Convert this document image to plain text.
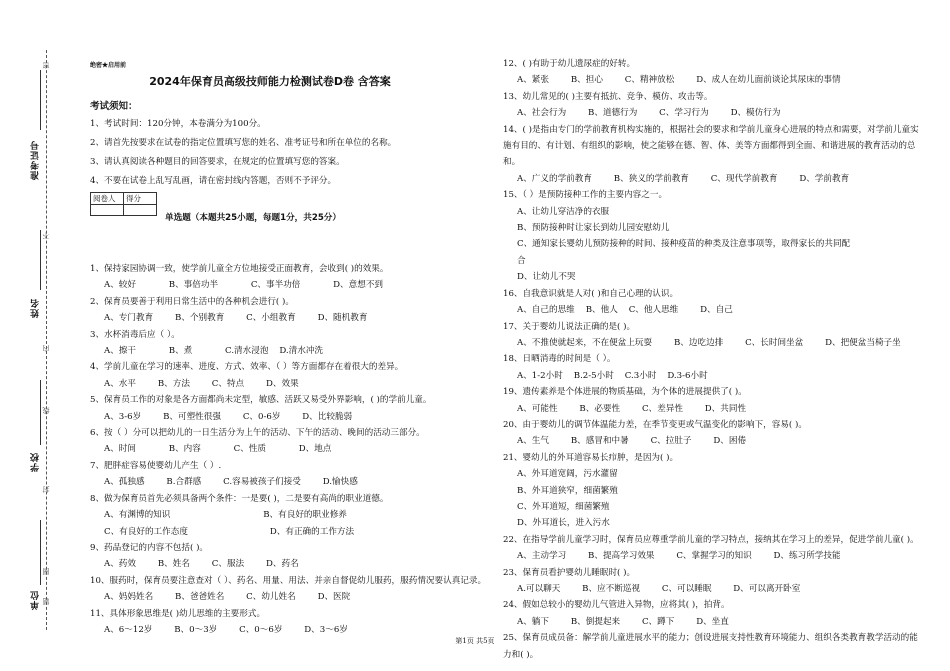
准考证号
姓名
学校
单位
密
不
内
线
封
圈
题
绝密★启用前
2024年保育员高级技师能力检测试卷D卷 含答案
考试须知：
1、考试时间：120分钟，本卷满分为100分。
2、请首先按要求在试卷的指定位置填写您的姓名、准考证号和所在单位的名称。
3、请认真阅读各种题目的回答要求，在规定的位置填写您的答案。
4、不要在试卷上乱写乱画，请在密封线内答题，否则不予评分。
阅卷人	得分

单选题（本题共25小题，每题1分，共25分）
1、保持家园协调一致，使学前儿童全方位地接受正面教育，会收到( )的效果。
A、较好            B、事倍功半            C、事半功倍            D、意想不到
2、保育员要善于利用日常生活中的各种机会进行( )。
A、专门教育        B、个别教育        C、小组教育        D、随机教育
3、水杯消毒后应（ ）。
A、擦干            B、煮            C.清水浸泡    D.清水冲洗
4、学前儿童在学习的速率、进度、方式、效率、（ ）等方面都存在着很大的差异。
A、水平        B、方法        C、特点        D、效果
5、保育员工作的对象是各方面都尚未定型，敏感、活跃又易受外界影响，( )的学前儿童。
A、3-6岁        B、可塑性很强        C、0-6岁        D、比较脆弱
6、按（ ）分可以把幼儿的一日生活分为上午的活动、下午的活动、晚间的活动三部分。
A、时间            B、内容            C、性质            D、地点
7、肥胖症容易使婴幼儿产生（ ）.
A、孤独感        B.合群感        C.容易被孩子们接受        D.愉快感
8、做为保育员首先必须具备两个条件：一是要( )，二是要有高尚的职业道德。
A、有渊博的知识                                  B、有良好的职业修养
C、有良好的工作态度                              D、有正确的工作方法
9、药品登记的内容不包括( )。
A、药效        B、姓名        C、服法        D、药名
10、服药时，保育员要注意查对（ ）、药名、用量、用法、并亲自督促幼儿服药，服药情况要认真记录。
A、妈妈姓名        B、爸爸姓名        C、幼儿姓名        D、医院
11、具体形象思维是( )幼儿思维的主要形式。
A、6～12岁        B、0～3岁        C、0～6岁        D、3～6岁
12、( )有助于幼儿遗尿症的好转。
A、紧张        B、担心        C、精神放松        D、成人在幼儿面前谈论其尿床的事情
13、幼儿常见的( )主要有抵抗、竞争、模仿、攻击等。
A、社会行为        B、道德行为        C、学习行为        D、模仿行为
14、( )是指由专门的学前教育机构实施的，根据社会的要求和学前儿童身心进展的特点和需要，对学前儿童实施有目的、有计划、有组织的影响，使之能够在德、智、体、美等方面都得到全面、和谐进展的教育活动的总和。
A、广义的学前教育        B、狭义的学前教育        C、现代学前教育        D、学前教育
15、（ ）是预防接种工作的主要内容之一。
A、让幼儿穿洁净的衣服
B、预防接种时让家长到幼儿园安慰幼儿
C、通知家长婴幼儿预防接种的时间、接种疫苗的种类及注意事项等，取得家长的共同配
合
D、让幼儿不哭
16、自我意识就是人对( )和自己心理的认识。
A、自己的思维    B、他人    C、他人思维        D、自己
17、关于婴幼儿说法正确的是( )。
A、不推使就起来，不在便盆上玩耍        B、边吃边排        C、长时间坐盆        D、把便盆当椅子坐
18、日晒消毒的时间是（ ）。
A、1-2小时    B.2-5小时    C.3小时    D.3-6小时
19、遗传素养是个体进展的物质基础，为个体的进展提供了( )。
A、可能性        B、必要性        C、差异性        D、共同性
20、由于婴幼儿的调节体温能力差，在季节变更或气温变化的影响下，容易( )。
A、生气        B、感冒和中暑        C、拉肚子        D、困倦
21、婴幼儿的外耳道容易长疖肿，是因为( )。
A、外耳道宽阔，污水灌留
B、外耳道狭窄，细菌繁殖
C、外耳道短，细菌繁殖
D、外耳道长，进入污水
22、在指导学前儿童学习时，保育员应尊重学前儿童的学习特点，接纳其在学习上的差异，促进学前儿童( )。
A、主动学习        B、提高学习效果        C、掌握学习的知识        D、练习所学技能
23、保育员看护婴幼儿睡眠时( )。
A.可以聊天        B、应不断巡视        C、可以睡眠        D、可以离开卧室
24、假如总较小的婴幼儿气管进入异物，应将其( )，拍背。
A、躺下        B、倒提起来        C、蹲下        D、坐直
25、保育员成员备：解学前儿童进展水平的能力；创设进展支持性教育环境能力、组织各类教育教学活动的能力和( )。
第1页 共5页
